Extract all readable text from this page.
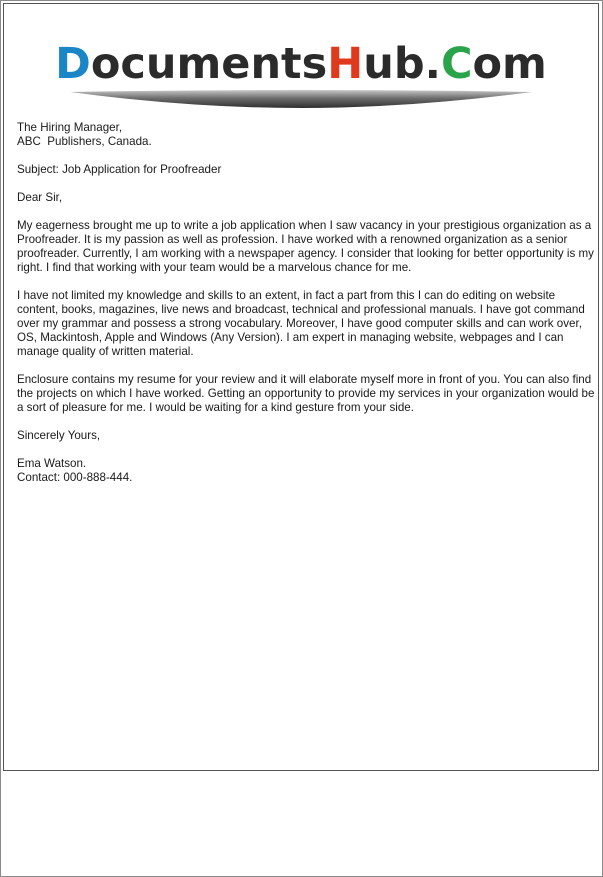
DocumentsHub.Com

The Hiring Manager,
ABC  Publishers, Canada.

Subject: Job Application for Proofreader

Dear Sir,

My eagerness brought me up to write a job application when I saw vacancy in your prestigious organization as a Proofreader. It is my passion as well as profession. I have worked with a renowned organization as a senior proofreader. Currently, I am working with a newspaper agency. I consider that looking for better opportunity is my right. I find that working with your team would be a marvelous chance for me.

I have not limited my knowledge and skills to an extent, in fact a part from this I can do editing on website content, books, magazines, live news and broadcast, technical and professional manuals. I have got command over my grammar and possess a strong vocabulary. Moreover, I have good computer skills and can work over, OS, Mackintosh, Apple and Windows (Any Version). I am expert in managing website, webpages and I can manage quality of written material.

Enclosure contains my resume for your review and it will elaborate myself more in front of you. You can also find the projects on which I have worked. Getting an opportunity to provide my services in your organization would be a sort of pleasure for me. I would be waiting for a kind gesture from your side.

Sincerely Yours,

Ema Watson.
Contact: 000-888-444.
